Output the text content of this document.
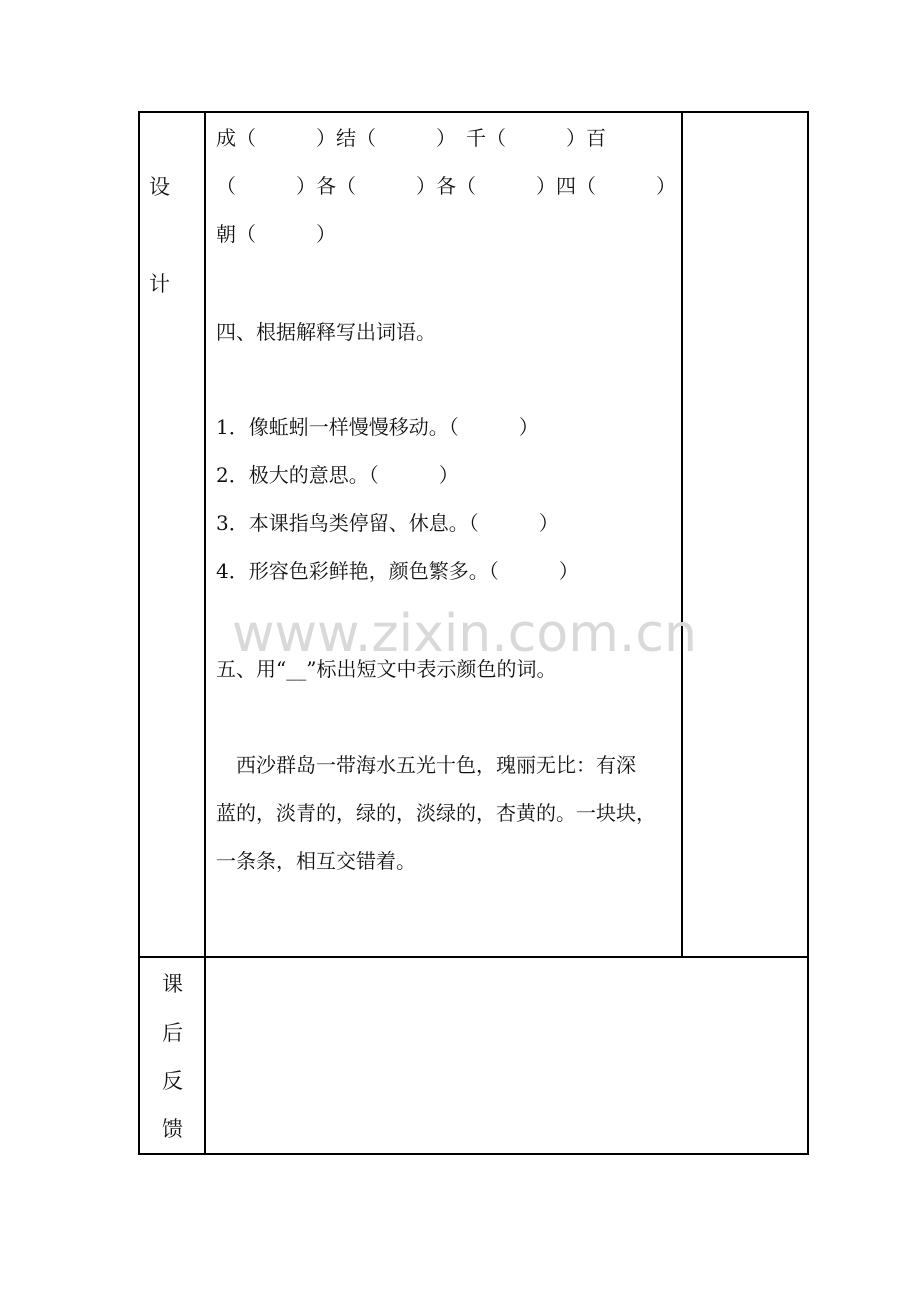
设
计
课
后
反
馈
www.zixin.com.cn
成（　　　）结（　　　）　千（　　　）百
（　　　）各（　　　）各（　　　）四（　　　）
朝（　　　）
四、根据解释写出词语。
1．像蚯蚓一样慢慢移动。（　　　）
2．极大的意思。（　　　）
3．本课指鸟类停留、休息。（　　　）
4．形容色彩鲜艳，颜色繁多。（　　　）
五、用“__”标出短文中表示颜色的词。
西沙群岛一带海水五光十色，瑰丽无比：有深
蓝的，淡青的，绿的，淡绿的，杏黄的。一块块，
一条条，相互交错着。
